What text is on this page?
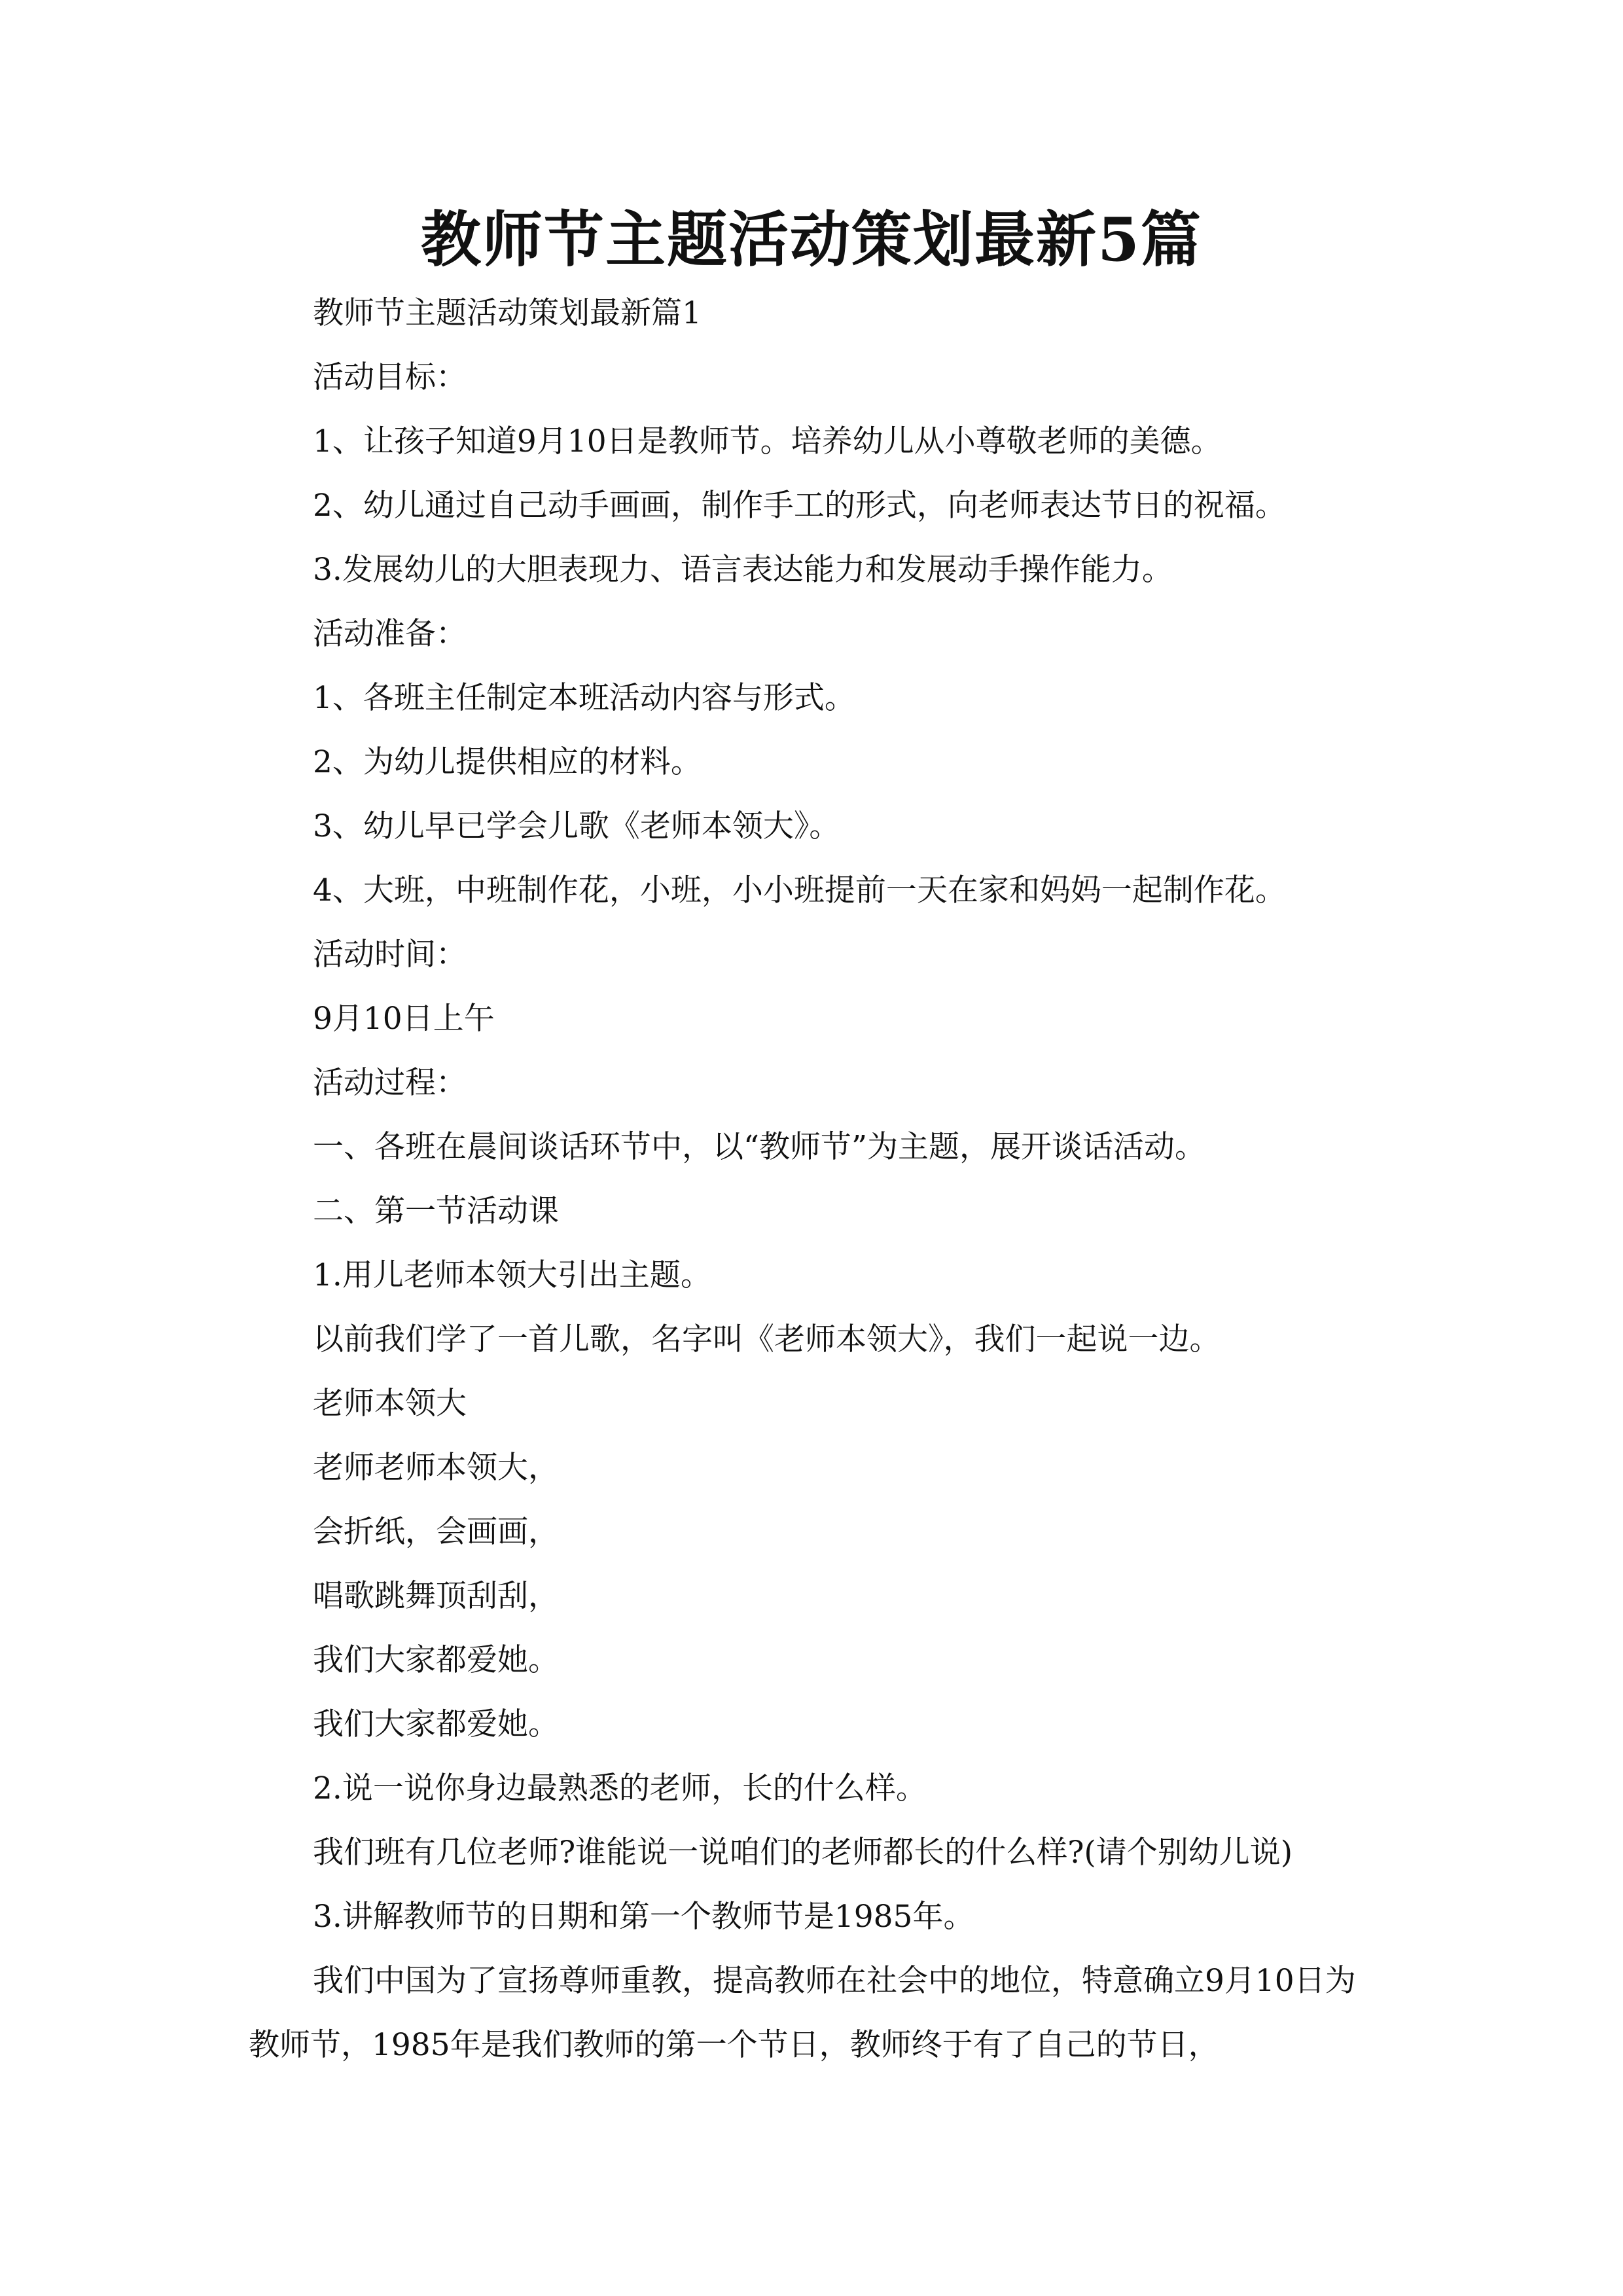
教师节主题活动策划最新5篇

教师节主题活动策划最新篇1

活动目标：

1、让孩子知道9月10日是教师节。培养幼儿从小尊敬老师的美德。

2、幼儿通过自己动手画画，制作手工的形式，向老师表达节日的祝福。

3.发展幼儿的大胆表现力、语言表达能力和发展动手操作能力。

活动准备：

1、各班主任制定本班活动内容与形式。

2、为幼儿提供相应的材料。

3、幼儿早已学会儿歌《老师本领大》。

4、大班，中班制作花，小班，小小班提前一天在家和妈妈一起制作花。

活动时间：

9月10日上午

活动过程：

一、各班在晨间谈话环节中，以“教师节”为主题，展开谈话活动。

二、第一节活动课

1.用儿老师本领大引出主题。

以前我们学了一首儿歌，名字叫《老师本领大》，我们一起说一边。

老师本领大

老师老师本领大，

会折纸，会画画，

唱歌跳舞顶刮刮，

我们大家都爱她。

我们大家都爱她。

2.说一说你身边最熟悉的老师，长的什么样。

我们班有几位老师?谁能说一说咱们的老师都长的什么样?(请个别幼儿说)

3.讲解教师节的日期和第一个教师节是1985年。

我们中国为了宣扬尊师重教，提高教师在社会中的地位，特意确立9月10日为教师节，1985年是我们教师的第一个节日，教师终于有了自己的节日，
